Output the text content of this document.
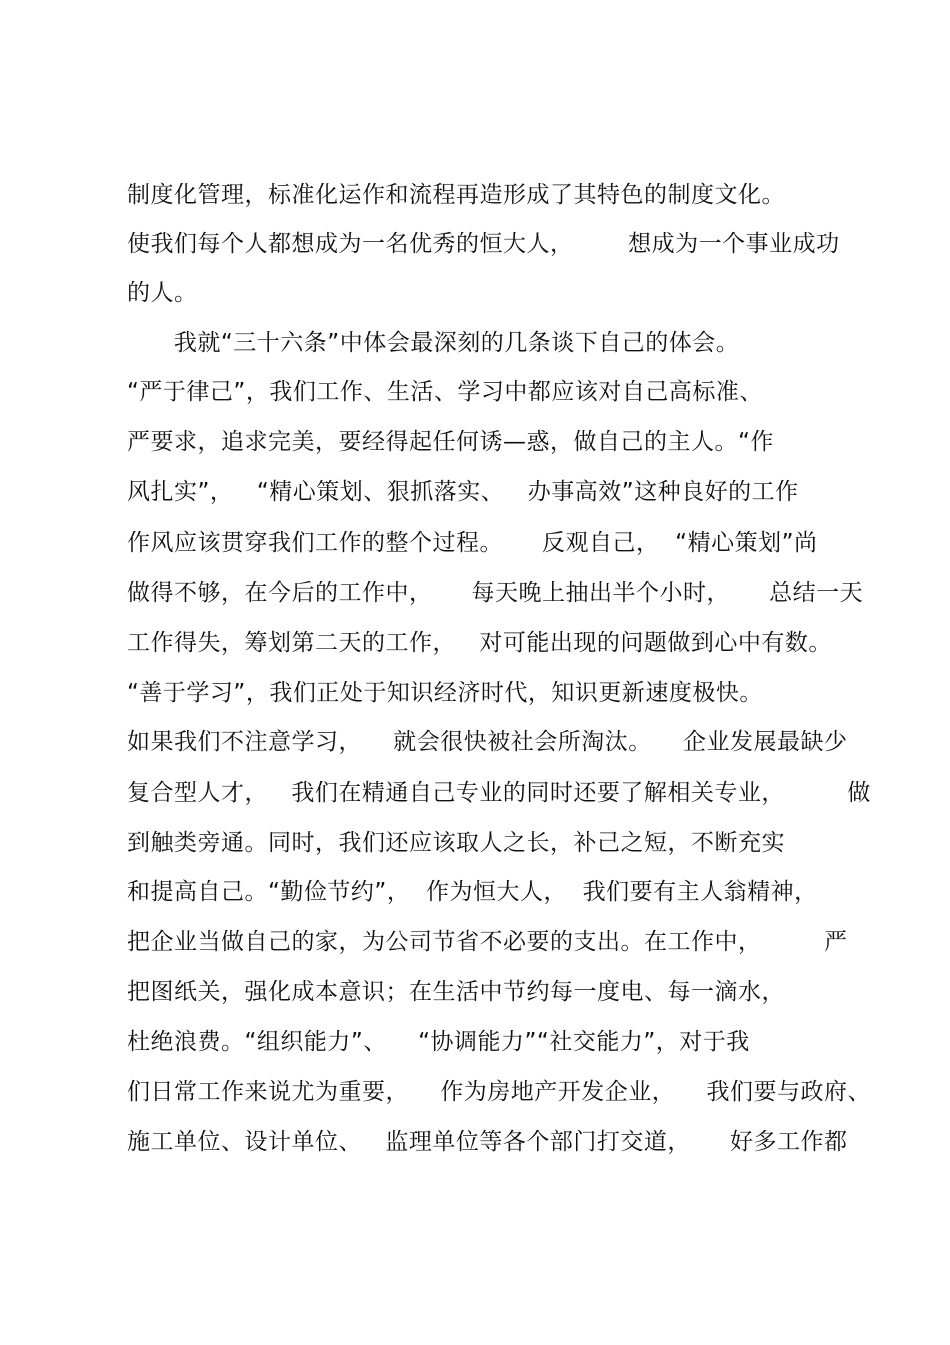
制度化管理，标准化运作和流程再造形成了其特色的制度文化。
使我们每个人都想成为一名优秀的恒大人，       想成为一个事业成功
的人。
我就“三十六条”中体会最深刻的几条谈下自己的体会。
“严于律己”，我们工作、生活、学习中都应该对自己高标准、
严要求，追求完美，要经得起任何诱—惑，做自己的主人。“作
风扎实”，   “精心策划、狠抓落实、   办事高效”这种良好的工作
作风应该贯穿我们工作的整个过程。     反观自己，  “精心策划”尚
做得不够，在今后的工作中，     每天晚上抽出半个小时，     总结一天
工作得失，筹划第二天的工作，   对可能出现的问题做到心中有数。
“善于学习”，我们正处于知识经济时代，知识更新速度极快。
如果我们不注意学习，    就会很快被社会所淘汰。    企业发展最缺少
复合型人才，   我们在精通自己专业的同时还要了解相关专业，        做
到触类旁通。同时，我们还应该取人之长，补己之短，不断充实
和提高自己。“勤俭节约”，  作为恒大人，  我们要有主人翁精神，
把企业当做自己的家，为公司节省不必要的支出。在工作中，        严
把图纸关，强化成本意识；在生活中节约每一度电、每一滴水，
杜绝浪费。“组织能力”、    “协调能力”“社交能力”，对于我
们日常工作来说尤为重要，    作为房地产开发企业，    我们要与政府、
施工单位、设计单位、   监理单位等各个部门打交道，     好多工作都
